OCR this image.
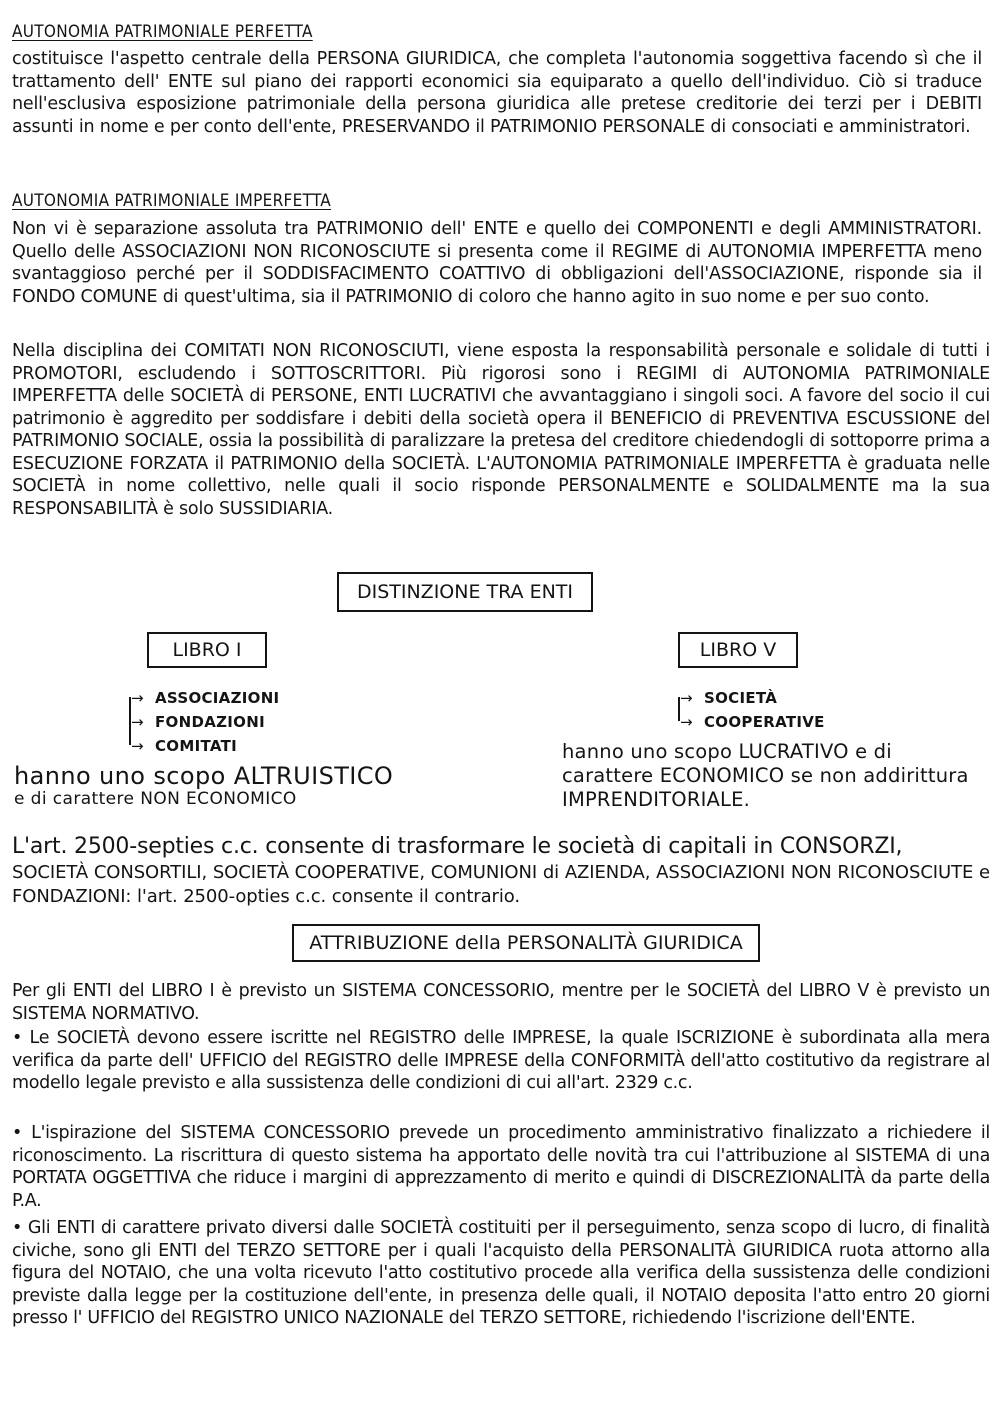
AUTONOMIA PATRIMONIALE PERFETTA

costituisce l'aspetto centrale della PERSONA GIURIDICA, che completa l'autonomia soggettiva facendo sì che il trattamento dell' ENTE sul piano dei rapporti economici sia equiparato a quello dell'individuo. Ciò si traduce nell'esclusiva esposizione patrimoniale della persona giuridica alle pretese creditorie dei terzi per i DEBITI assunti in nome e per conto dell'ente, PRESERVANDO il PATRIMONIO PERSONALE di consociati e amministratori.

AUTONOMIA PATRIMONIALE IMPERFETTA

Non vi è separazione assoluta tra PATRIMONIO dell' ENTE e quello dei COMPONENTI e degli AMMINISTRATORI. Quello delle ASSOCIAZIONI NON RICONOSCIUTE si presenta come il REGIME di AUTONOMIA IMPERFETTA meno svantaggioso perché per il SODDISFACIMENTO COATTIVO di obbligazioni dell'ASSOCIAZIONE, risponde sia il FONDO COMUNE di quest'ultima, sia il PATRIMONIO di coloro che hanno agito in suo nome e per suo conto.

Nella disciplina dei COMITATI NON RICONOSCIUTI, viene esposta la responsabilità personale e solidale di tutti i PROMOTORI, escludendo i SOTTOSCRITTORI. Più rigorosi sono i REGIMI di AUTONOMIA PATRIMONIALE IMPERFETTA delle SOCIETÀ di PERSONE, ENTI LUCRATIVI che avvantaggiano i singoli soci. A favore del socio il cui patrimonio è aggredito per soddisfare i debiti della società opera il BENEFICIO di PREVENTIVA ESCUSSIONE del PATRIMONIO SOCIALE, ossia la possibilità di paralizzare la pretesa del creditore chiedendogli di sottoporre prima a ESECUZIONE FORZATA il PATRIMONIO della SOCIETÀ. L'AUTONOMIA PATRIMONIALE IMPERFETTA è graduata nelle SOCIETÀ in nome collettivo, nelle quali il socio risponde PERSONALMENTE e SOLIDALMENTE ma la sua RESPONSABILITÀ è solo SUSSIDIARIA.

DISTINZIONE TRA ENTI
LIBRO I	LIBRO V
→ ASSOCIAZIONI
→ FONDAZIONI
→ COMITATI
→ SOCIETÀ
→ COOPERATIVE

hanno uno scopo ALTRUISTICO
e di carattere NON ECONOMICO

hanno uno scopo LUCRATIVO e di carattere ECONOMICO se non addirittura IMPRENDITORIALE.

L'art. 2500-septies c.c. consente di trasformare le società di capitali in CONSORZI,
SOCIETÀ CONSORTILI, SOCIETÀ COOPERATIVE, COMUNIONI di AZIENDA, ASSOCIAZIONI NON RICONOSCIUTE e FONDAZIONI: l'art. 2500-opties c.c. consente il contrario.

ATTRIBUZIONE della PERSONALITÀ GIURIDICA

Per gli ENTI del LIBRO I è previsto un SISTEMA CONCESSORIO, mentre per le SOCIETÀ del LIBRO V è previsto un SISTEMA NORMATIVO.

• Le SOCIETÀ devono essere iscritte nel REGISTRO delle IMPRESE, la quale ISCRIZIONE è subordinata alla mera verifica da parte dell' UFFICIO del REGISTRO delle IMPRESE della CONFORMITÀ dell'atto costitutivo da registrare al modello legale previsto e alla sussistenza delle condizioni di cui all'art. 2329 c.c.

• L'ispirazione del SISTEMA CONCESSORIO prevede un procedimento amministrativo finalizzato a richiedere il riconoscimento. La riscrittura di questo sistema ha apportato delle novità tra cui l'attribuzione al SISTEMA di una PORTATA OGGETTIVA che riduce i margini di apprezzamento di merito e quindi di DISCREZIONALITÀ da parte della P.A.

• Gli ENTI di carattere privato diversi dalle SOCIETÀ costituiti per il perseguimento, senza scopo di lucro, di finalità civiche, sono gli ENTI del TERZO SETTORE per i quali l'acquisto della PERSONALITÀ GIURIDICA ruota attorno alla figura del NOTAIO, che una volta ricevuto l'atto costitutivo procede alla verifica della sussistenza delle condizioni previste dalla legge per la costituzione dell'ente, in presenza delle quali, il NOTAIO deposita l'atto entro 20 giorni presso l' UFFICIO del REGISTRO UNICO NAZIONALE del TERZO SETTORE, richiedendo l'iscrizione dell'ENTE.
